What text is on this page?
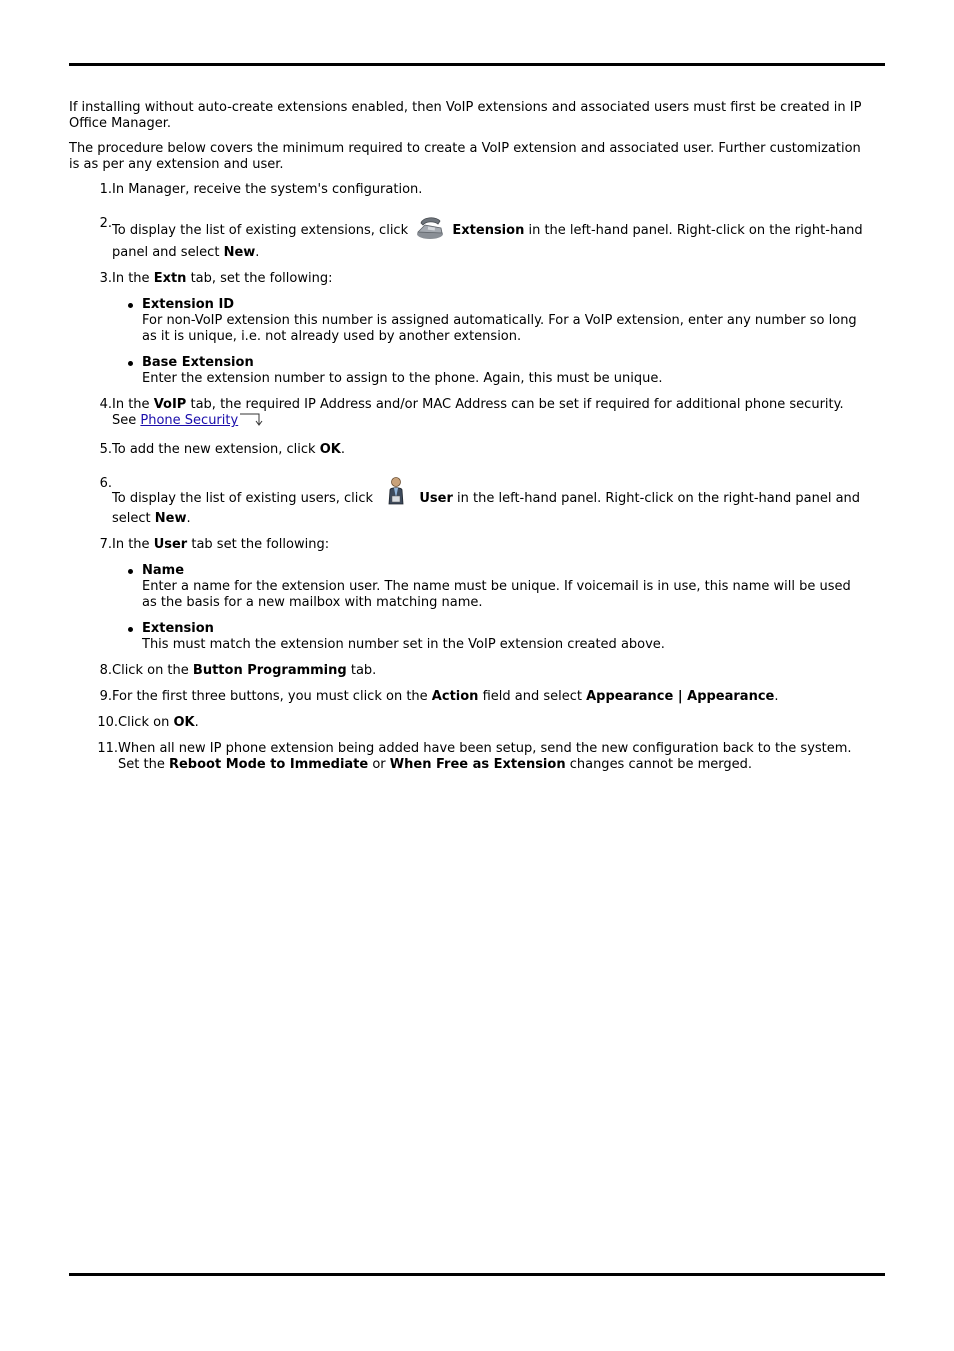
If installing without auto-create extensions enabled, then VoIP extensions and associated users must first be created in IP Office Manager.

The procedure below covers the minimum required to create a VoIP extension and associated user. Further customization is as per any extension and user.

1. In Manager, receive the system's configuration.
2. To display the list of existing extensions, click	Extension in the left-hand panel. Right-click on the right-hand panel and select New.
3. In the Extn tab, set the following:
Extension ID
For non-VoIP extension this number is assigned automatically. For a VoIP extension, enter any number so long as it is unique, i.e. not already used by another extension.
Base Extension
Enter the extension number to assign to the phone. Again, this must be unique.
4. In the VoIP tab, the required IP Address and/or MAC Address can be set if required for additional phone security. See Phone Security
5. To add the new extension, click OK.
6.
To display the list of existing users, click	User in the left-hand panel. Right-click on the right-hand panel and select New.
7. In the User tab set the following:
Name
Enter a name for the extension user. The name must be unique. If voicemail is in use, this name will be used as the basis for a new mailbox with matching name.
Extension
This must match the extension number set in the VoIP extension created above.
8. Click on the Button Programming tab.
9. For the first three buttons, you must click on the Action field and select Appearance | Appearance.
10. Click on OK.
11. When all new IP phone extension being added have been setup, send the new configuration back to the system. Set the Reboot Mode to Immediate or When Free as Extension changes cannot be merged.
